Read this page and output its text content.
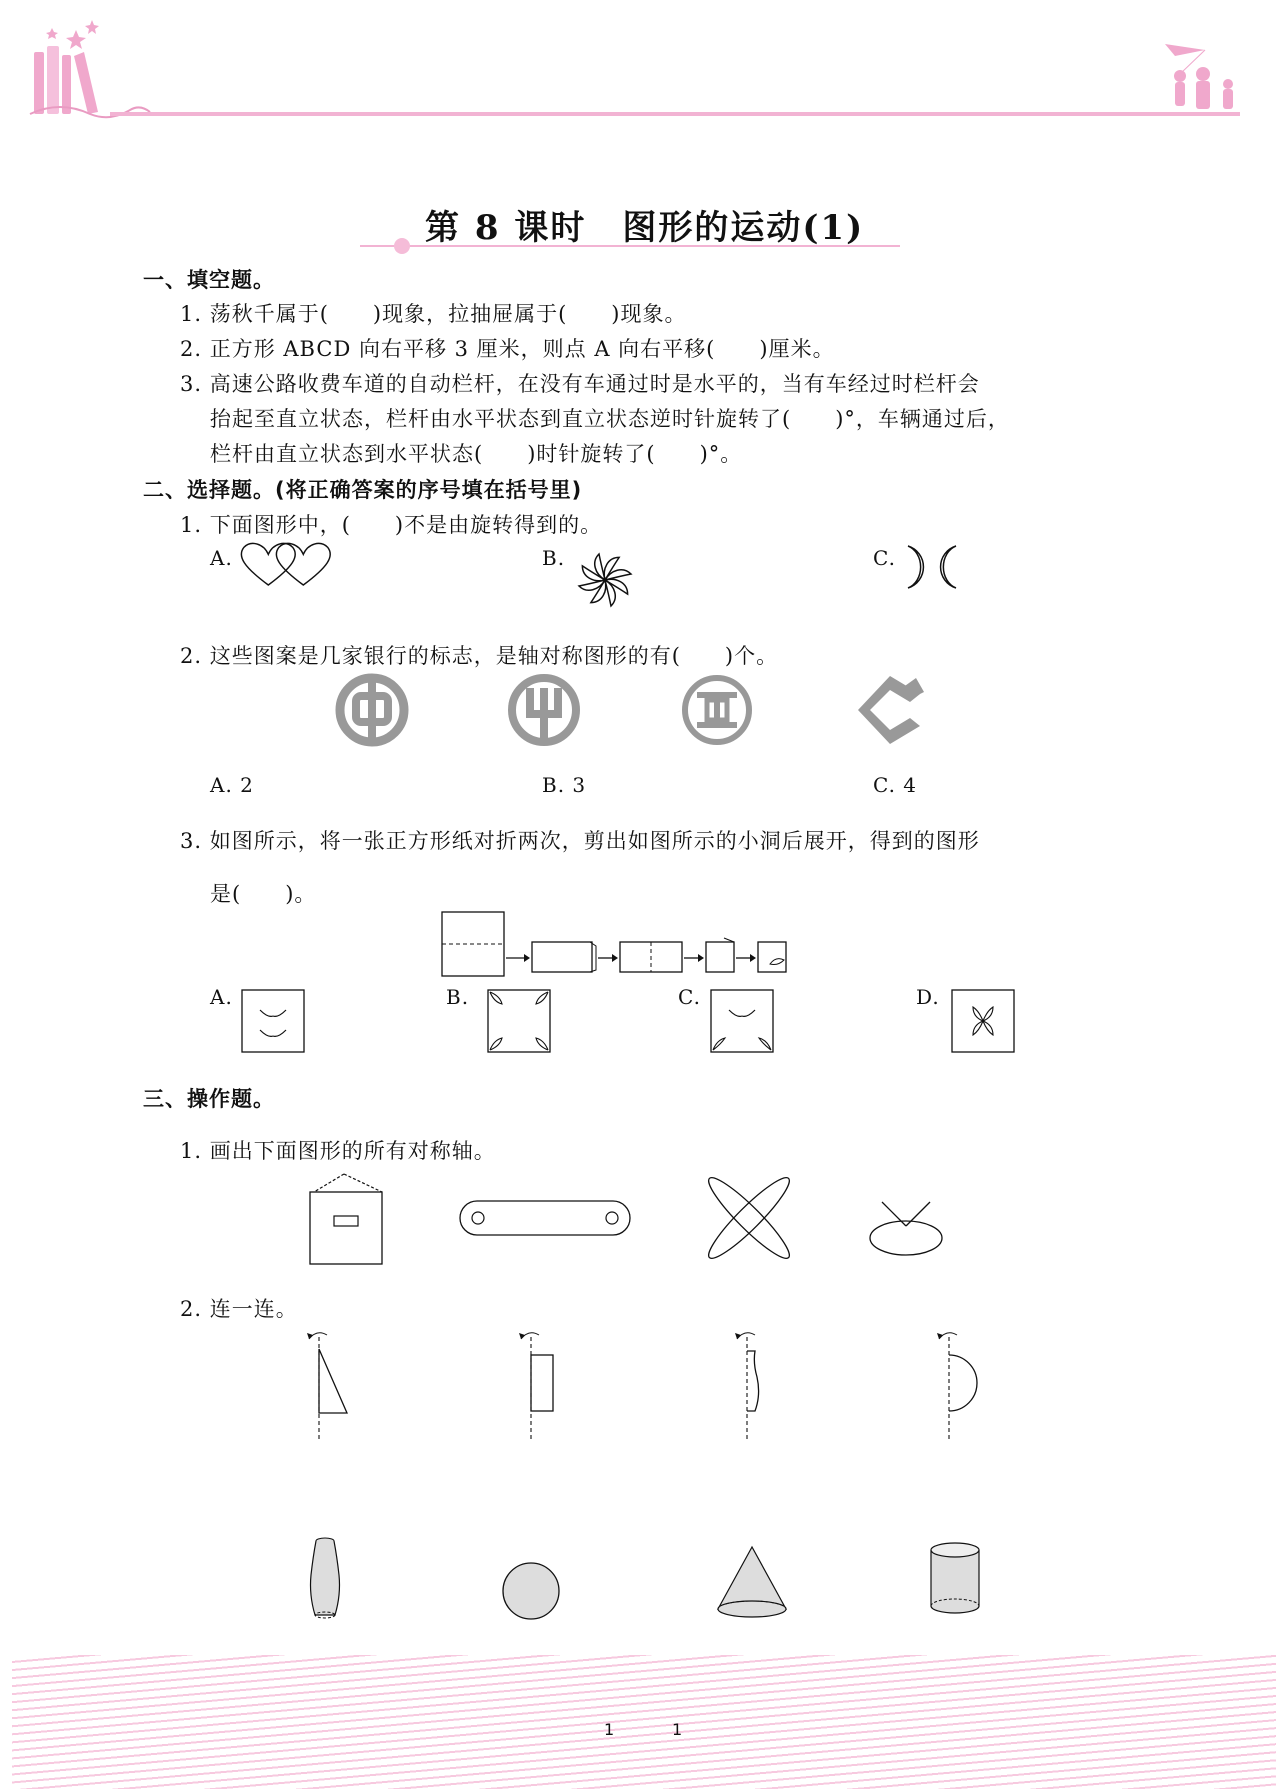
第 8 课时　图形的运动(1)
一、填空题。
1. 荡秋千属于(　　)现象，拉抽屉属于(　　)现象。
2. 正方形 ABCD 向右平移 3 厘米，则点 A 向右平移(　　)厘米。
3. 高速公路收费车道的自动栏杆，在没有车通过时是水平的，当有车经过时栏杆会
抬起至直立状态，栏杆由水平状态到直立状态逆时针旋转了(　　)°，车辆通过后，
栏杆由直立状态到水平状态(　　)时针旋转了(　　)°。
二、选择题。(将正确答案的序号填在括号里)
1. 下面图形中，(　　)不是由旋转得到的。
A.	B.	C.
2. 这些图案是几家银行的标志，是轴对称图形的有(　　)个。
A. 2	B. 3	C. 4
3. 如图所示，将一张正方形纸对折两次，剪出如图所示的小洞后展开，得到的图形
是(　　)。
A.	B.	C.	D.
三、操作题。
1. 画出下面图形的所有对称轴。
2. 连一连。
1	1
